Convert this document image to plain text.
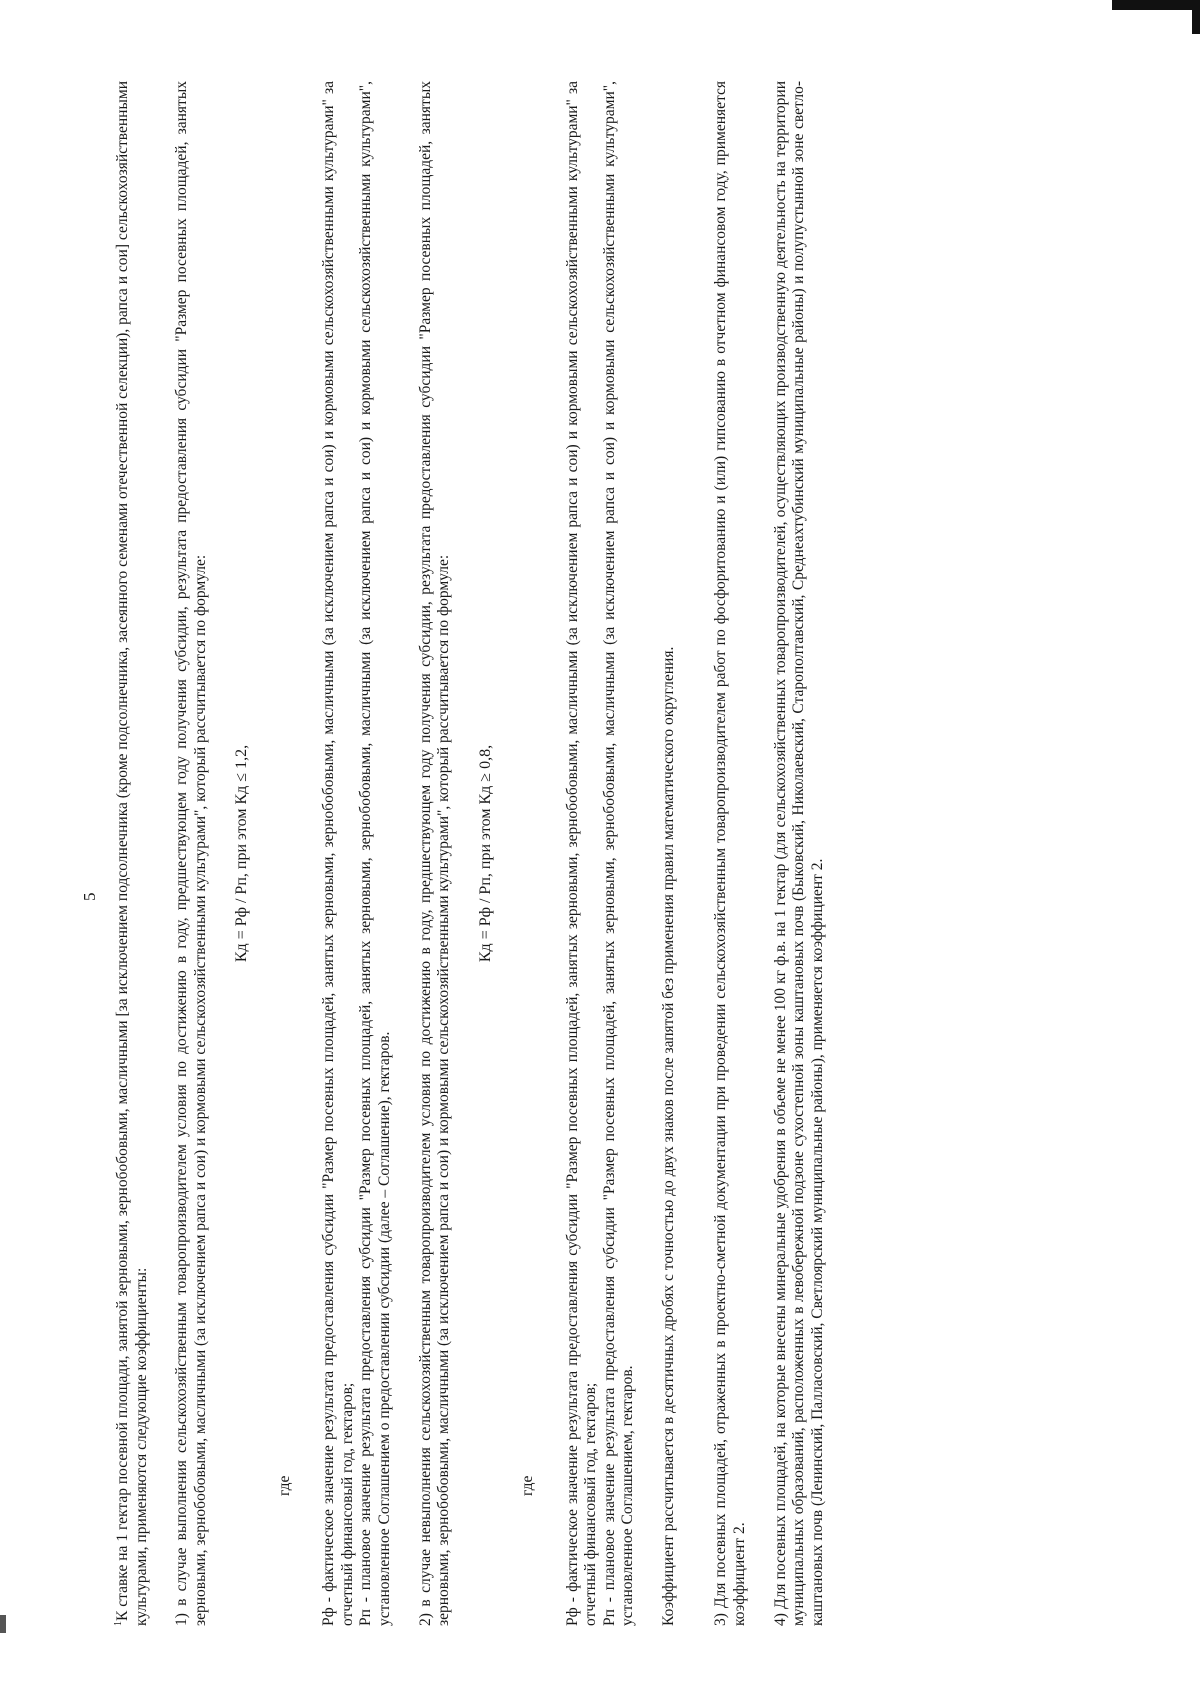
5

$^1$К ставке на 1 гектар посевной площади, занятой зерновыми, зернобобовыми, масличными [за исключением подсолнечника (кроме подсолнечника, засеянного семенами отечественной селекции), рапса и сои] сельскохозяйственными культурами, применяются следующие коэффициенты: 1) в случае выполнения сельскохозяйственным товаропроизводителем условия по достижению в году, предшествующем году получения субсидии, результата предоставления субсидии "Размер посевных площадей, занятых зерновыми, зернобобовыми, масличными (за исключением рапса и сои) и кормовыми сельскохозяйственными культурами", который рассчитывается по формуле: Кд = Рф / Рп, при этом Кд ≤ 1,2,

где Рф - фактическое значение результата предоставления субсидии "Размер посевных площадей, занятых зерновыми, зернобобовыми, масличными (за исключением рапса и сои) и кормовыми сельскохозяйственными культурами" за отчетный финансовый год, гектаров; Рп - плановое значение результата предоставления субсидии "Размер посевных площадей, занятых зерновыми, зернобобовыми, масличными (за исключением рапса и сои) и кормовыми сельскохозяйственными культурами", установленное Соглашением о предоставлении субсидии (далее – Соглашение), гектаров. 2) в случае невыполнения сельскохозяйственным товаропроизводителем условия по достижению в году, предшествующем году получения субсидии, результата предоставления субсидии "Размер посевных площадей, занятых зерновыми, зернобобовыми, масличными (за исключением рапса и сои) и кормовыми сельскохозяйственными культурами", который рассчитывается по формуле: Кд = Рф / Рп, при этом Кд ≥ 0,8,

где Рф - фактическое значение результата предоставления субсидии "Размер посевных площадей, занятых зерновыми, зернобобовыми, масличными (за исключением рапса и сои) и кормовыми сельскохозяйственными культурами" за отчетный финансовый год, гектаров; Рп - плановое значение результата предоставления субсидии "Размер посевных площадей, занятых зерновыми, зернобобовыми, масличными (за исключением рапса и сои) и кормовыми сельскохозяйственными культурами", установленное Соглашением, гектаров. Коэффициент рассчитывается в десятичных дробях с точностью до двух знаков после запятой без применения правил математического округления. 3) Для посевных площадей, отраженных в проектно-сметной документации при проведении сельскохозяйственным товаропроизводителем работ по фосфоритованию и (или) гипсованию в отчетном финансовом году, применяется коэффициент 2. 4) Для посевных площадей, на которые внесены минеральные удобрения в объеме не менее 100 кг ф.в. на 1 гектар (для сельскохозяйственных товаропроизводителей, осуществляющих производственную деятельность на территории муниципальных образований, расположенных в левобережной подзоне сухостепной зоны каштановых почв (Быковский, Николаевский, Старополтавский, Среднеахтубинский муниципальные районы) и полупустынной зоне светло-каштановых почв (Ленинский, Палласовский, Светлоярский муниципальные районы), применяется коэффициент 2.
